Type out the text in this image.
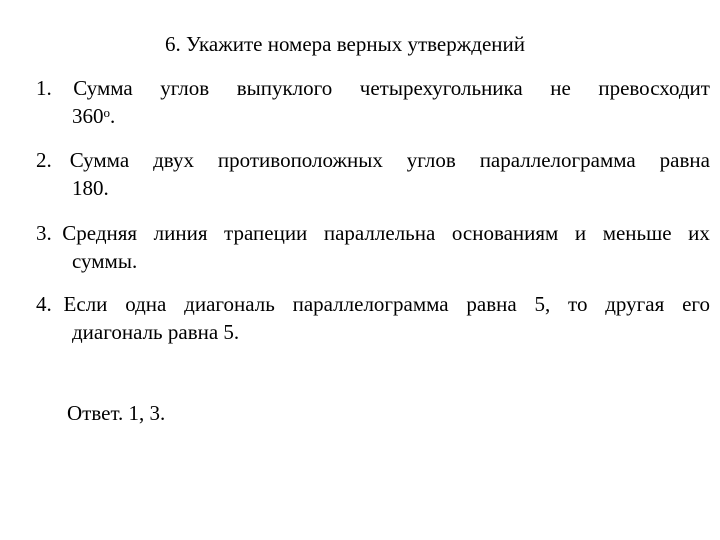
6. Укажите номера верных утверждений
1. Сумма углов выпуклого четырехугольника не превосходит
360$^o$.
2. Сумма двух противоположных углов параллелограмма равна
180.
3. Средняя линия трапеции параллельна основаниям и меньше их
суммы.
4. Если одна диагональ параллелограмма равна 5, то другая его
диагональ равна 5.
Ответ. 1, 3.
